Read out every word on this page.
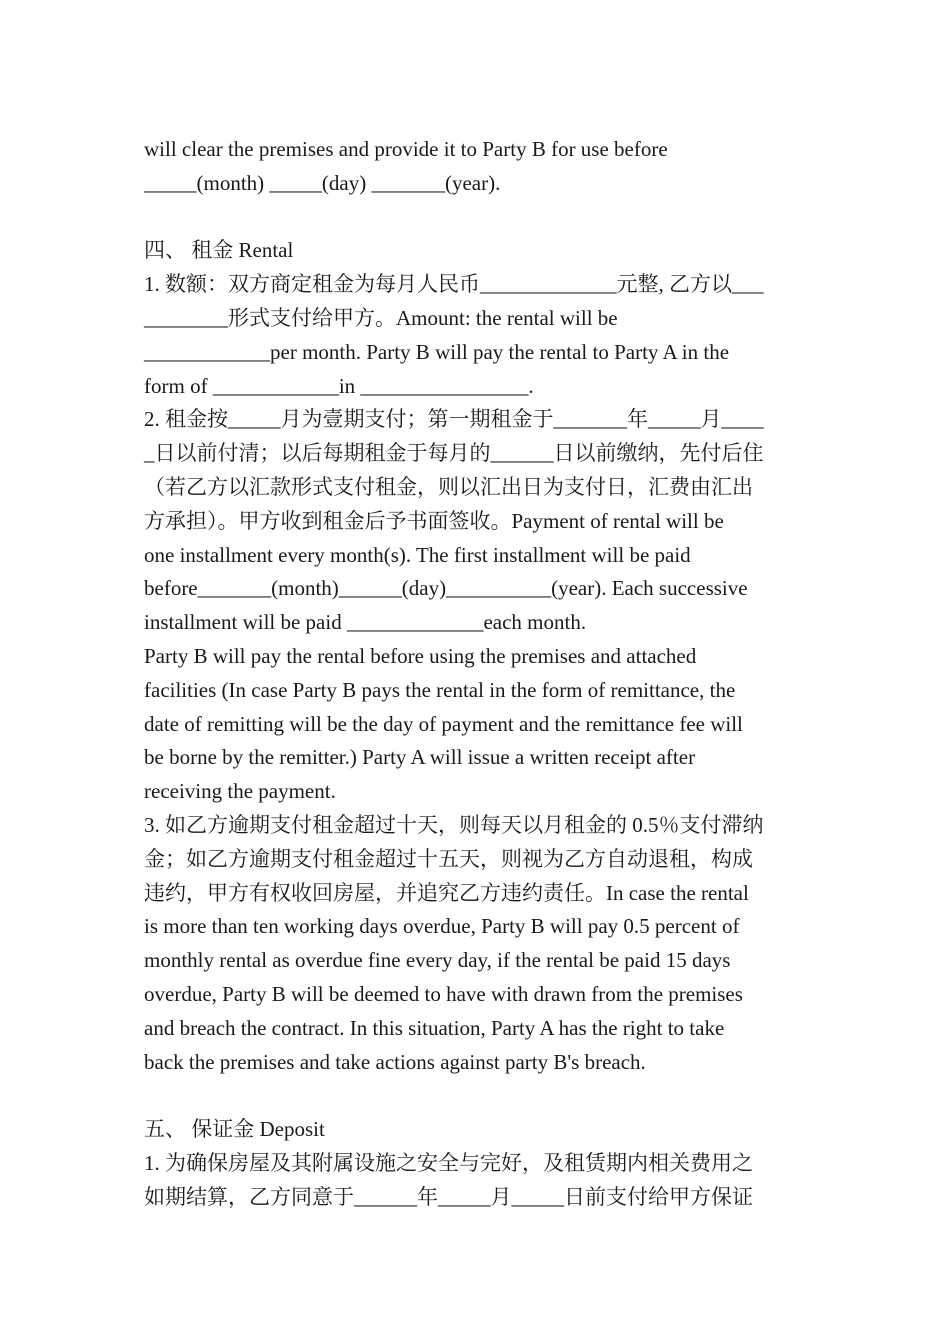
will clear the premises and provide it to Party B for use before
_____(month) _____(day) _______(year).
四、 租金 Rental
1. 数额：双方商定租金为每月人民币_____________元整, 乙方以___
________形式支付给甲方。Amount: the rental will be
____________per month. Party B will pay the rental to Party A in the
form of ____________in ________________.
2. 租金按_____月为壹期支付；第一期租金于_______年_____月____
_日以前付清；以后每期租金于每月的______日以前缴纳，先付后住
（若乙方以汇款形式支付租金，则以汇出日为支付日，汇费由汇出
方承担）。甲方收到租金后予书面签收。Payment of rental will be
one installment every month(s). The first installment will be paid
before_______(month)______(day)__________(year). Each successive
installment will be paid _____________each month.
Party B will pay the rental before using the premises and attached
facilities (In case Party B pays the rental in the form of remittance, the
date of remitting will be the day of payment and the remittance fee will
be borne by the remitter.) Party A will issue a written receipt after
receiving the payment.
3. 如乙方逾期支付租金超过十天，则每天以月租金的 0.5％支付滞纳
金；如乙方逾期支付租金超过十五天，则视为乙方自动退租，构成
违约，甲方有权收回房屋，并追究乙方违约责任。In case the rental
is more than ten working days overdue, Party B will pay 0.5 percent of
monthly rental as overdue fine every day, if the rental be paid 15 days
overdue, Party B will be deemed to have with drawn from the premises
and breach the contract. In this situation, Party A has the right to take
back the premises and take actions against party B's breach.
五、 保证金 Deposit
1. 为确保房屋及其附属设施之安全与完好，及租赁期内相关费用之
如期结算，乙方同意于______年_____月_____日前支付给甲方保证
